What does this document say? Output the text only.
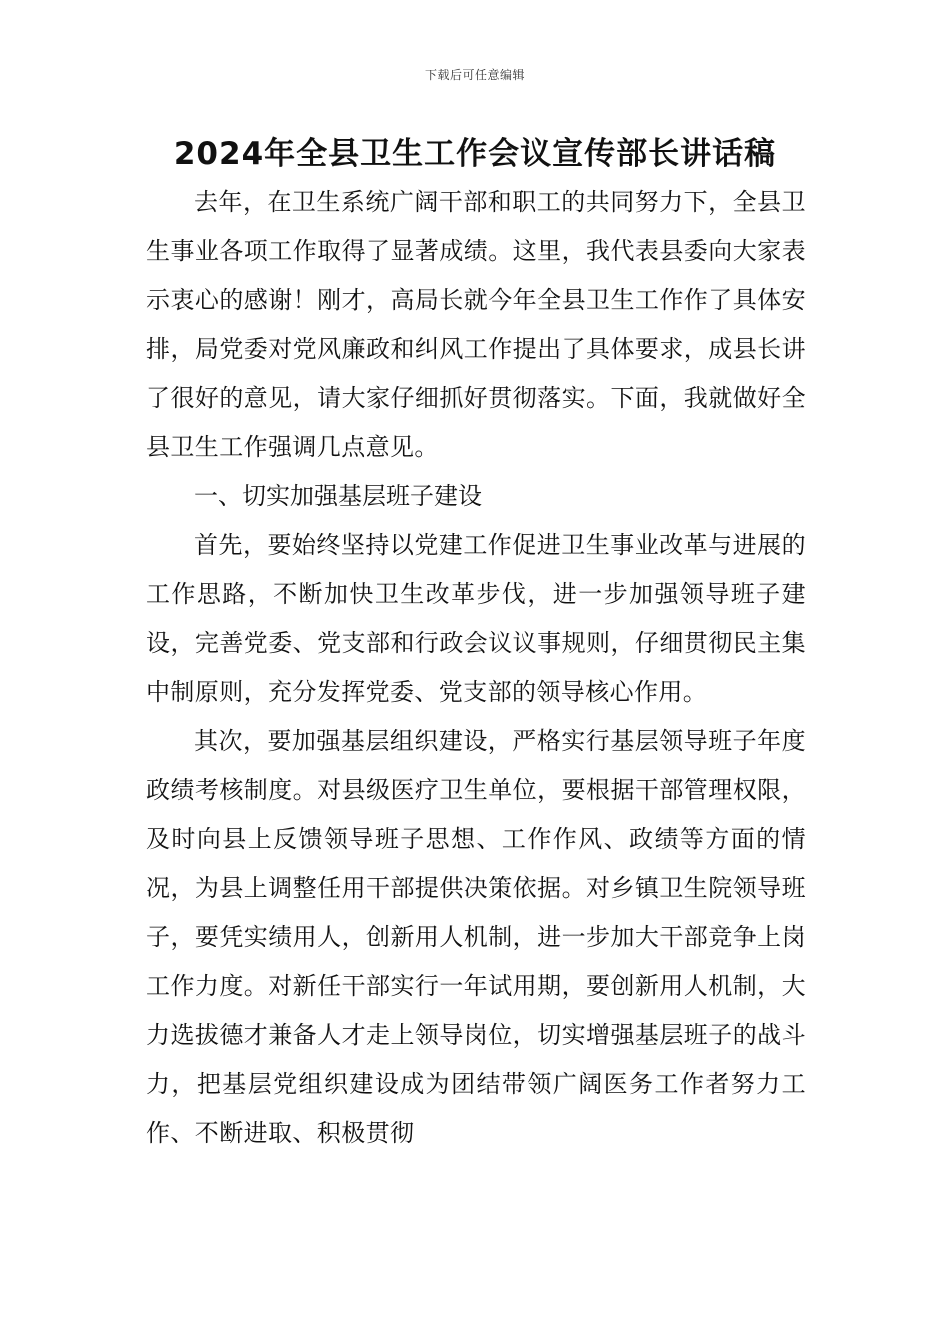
下载后可任意编辑
2024年全县卫生工作会议宣传部长讲话稿

去年，在卫生系统广阔干部和职工的共同努力下，全县卫生事业各项工作取得了显著成绩。这里，我代表县委向大家表示衷心的感谢！刚才，高局长就今年全县卫生工作作了具体安排，局党委对党风廉政和纠风工作提出了具体要求，成县长讲了很好的意见，请大家仔细抓好贯彻落实。下面，我就做好全县卫生工作强调几点意见。

一、切实加强基层班子建设

首先，要始终坚持以党建工作促进卫生事业改革与进展的工作思路，不断加快卫生改革步伐，进一步加强领导班子建设，完善党委、党支部和行政会议议事规则，仔细贯彻民主集中制原则，充分发挥党委、党支部的领导核心作用。

其次，要加强基层组织建设，严格实行基层领导班子年度政绩考核制度。对县级医疗卫生单位，要根据干部管理权限，及时向县上反馈领导班子思想、工作作风、政绩等方面的情况，为县上调整任用干部提供决策依据。对乡镇卫生院领导班子，要凭实绩用人，创新用人机制，进一步加大干部竞争上岗工作力度。对新任干部实行一年试用期，要创新用人机制，大力选拔德才兼备人才走上领导岗位，切实增强基层班子的战斗力，把基层党组织建设成为团结带领广阔医务工作者努力工作、不断进取、积极贯彻
